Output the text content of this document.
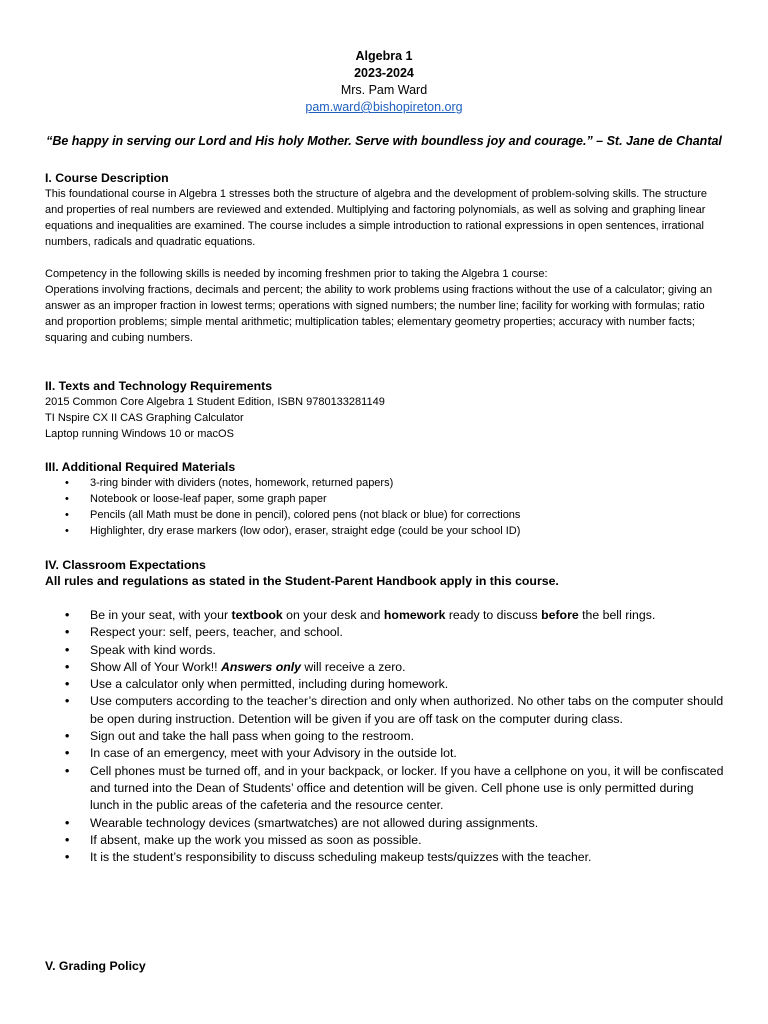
Algebra 1
2023-2024
Mrs. Pam Ward
pam.ward@bishopireton.org
“Be happy in serving our Lord and His holy Mother. Serve with boundless joy and courage.” – St. Jane de Chantal
I. Course Description

This foundational course in Algebra 1 stresses both the structure of algebra and the development of problem-solving skills. The structure and properties of real numbers are reviewed and extended. Multiplying and factoring polynomials, as well as solving and graphing linear equations and inequalities are examined. The course includes a simple introduction to rational expressions in open sentences, irrational numbers, radicals and quadratic equations.

Competency in the following skills is needed by incoming freshmen prior to taking the Algebra 1 course:

Operations involving fractions, decimals and percent; the ability to work problems using fractions without the use of a calculator; giving an answer as an improper fraction in lowest terms; operations with signed numbers; the number line; facility for working with formulas; ratio and proportion problems; simple mental arithmetic; multiplication tables; elementary geometry properties; accuracy with number facts; squaring and cubing numbers.

II. Texts and Technology Requirements
2015 Common Core Algebra 1 Student Edition, ISBN 9780133281149
TI Nspire CX II CAS Graphing Calculator
Laptop running Windows 10 or macOS
III. Additional Required Materials
• 3-ring binder with dividers (notes, homework, returned papers)
• Notebook or loose-leaf paper, some graph paper
• Pencils (all Math must be done in pencil), colored pens (not black or blue) for corrections
• Highlighter, dry erase markers (low odor), eraser, straight edge (could be your school ID)
IV. Classroom Expectations
All rules and regulations as stated in the Student-Parent Handbook apply in this course.
• Be in your seat, with your textbook on your desk and homework ready to discuss before the bell rings.
• Respect your: self, peers, teacher, and school.
• Speak with kind words.
• Show All of Your Work!! Answers only will receive a zero.
• Use a calculator only when permitted, including during homework.
• Use computers according to the teacher’s direction and only when authorized. No other tabs on the computer should be open during instruction. Detention will be given if you are off task on the computer during class.
• Sign out and take the hall pass when going to the restroom.
• In case of an emergency, meet with your Advisory in the outside lot.
• Cell phones must be turned off, and in your backpack, or locker. If you have a cellphone on you, it will be confiscated and turned into the Dean of Students’ office and detention will be given. Cell phone use is only permitted during lunch in the public areas of the cafeteria and the resource center.
• Wearable technology devices (smartwatches) are not allowed during assignments.
• If absent, make up the work you missed as soon as possible.
• It is the student’s responsibility to discuss scheduling makeup tests/quizzes with the teacher.
V. Grading Policy
